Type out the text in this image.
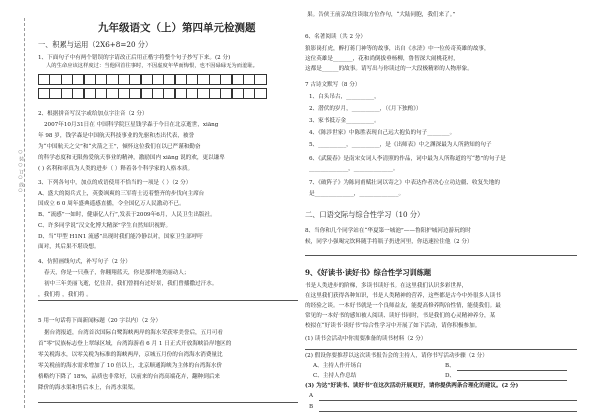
○ 装 ○ 订 ○ 线 ○
九年级语文（上）第四单元检测题
一、积累与运用（2X6+8=20 分）
1、下面句子中有两个错误的字请改正后用正楷字将整个句子抄写下来。(2 分)
人的生命应该这样度过：当他回首往事时，不因虚度年华而悔恨，也不因碌碌无为而羞耻。
2、根据拼音写汉字或给加点字注音（2 分）
2007年10月31日在 中国科学院巨星钱学森于今日在北京逝世，xiāng
年 98 岁，钱学森是中国航天科技事业的先驱和杰出代表，被誉
为“中国航天之父”和“火箭之王”，倾怀这位我们在以已严谨和勤奋
的科学态度和无限热爱航天事业的精神，激励国内 xiāng 说的欢，更以谦卑
( ) 名利和率真为人类的进步（ ）释着各个科学家的人格本质。
3、下列各句中，加点的成语使用不恰当的一项是（ ）（2 分）
A、盛大的阅兵式上，英姿飒爽的三军将士迈着整齐的步伐向主席台
国成立 6 0 周年盛典遥感直播，令全国亿万人民激动不已。
B、“流感”一如时，健康亿人行”,发表于2009年6月，人民卫生出版社。
C、许多同学说“汉文化博大精深”学生自然知识视野。
D、当“甲型 H1N1 流感”出现时我们能冷静以对，国家卫生部呼吁
面对，其后果不堪设想。
4、仿照画线句式，补写句子（2 分）
春天，你是一只燕子，你翱翔蓝天，你是那样地美丽动人；
初中三年美丽飞逝，忆往昔，我们曾拥有过好景，我们曾播撒过汗水。
，我们将 ，我们将 。
5 用一句话将下面新闻标题（20 字以内）（2 分）
据台湾报道，台湾首次国际白鹭海峡两岸的海水荣获零美誉后，五月可看
首“零”民族标志登上翠绿区域，台湾海游看 6 月 1 日正式开放海峡沿岸地区的
零关税海水，以零关税为标准的海峡两岸，京城五月份的台湾海水消费量比
零关税前的海水需求增加了 10 倍以上，北京顺通海峡为主体的台湾海水价
格略约下降了 18%，品质也非常好，以前来的台湾高端花卉，翻种到后来
降价的海水渠和售后本上，台湾水渠渠。
果。告侠王前京故往读取方位作句，“大陆同胞，我们来了。”
6、名著阅读（共 2 分）
狼影岗打虎，醉打蒋门神等的故事，出自《水浒》中一位传奇英雄的故事，
这位英雄是_______，花和尚倒拔垂杨柳，鲁智深大闹桃花村，
这都是______的故事。请写出与你读过的一大段极精彩的人物形象。
7 古诗文默写（8 分）
1、白头吊古，__________，
2、潜伏的岁月，__________，（《月下独酌》）
3、家书抵万金__________。
4、《陈涉世家》中陈胜表现自己远大抱负的句子________。
5、__________，__________，是《出师表》中之渊深最为人所熟知的句子
6、《武陵春》是南宋女词人李清照的作品，词中最为人所称道的写“愁”的句子是
______________，______________。
7、《破阵子》为陈同甫赋壮词以寄之》中表达作者决心立功边疆、收复失地的
是______________，______________。
二、口语交际与综合性学习（10 分）
8、当你和几个同学站在“华夏第一城池”——鲁阳护城河边游玩的时
候，同学小强喝完饮料随手将瓶子扔进河里，你迅速拉住他（2 分）
9、《好读书·读好书》综合性学习训练题
书是人类进步的阶梯，多读书读好书。在这里我们认识多彩世界，
在这里我们获得各种知识，书是人类精神的营养，这些都是古今中外很多人读书
的经验之谈。一本好书就是一个良师益友，能提高修养陶冶性情，能使我们。最
常见的一本好书的感知被人阅读、读好书同时，书是我们的心灵精神养分，某
校拟在“好读书·读好书”综合性学习中开展了如下活动，请你积极参加。
(1) 读书会活动中你需要准备的读书材料（2 分）
(2) 假设你要推荐以这次读书报告会的主持人，请你书写活动步骤（2 分）
A、主持人作开场白	B、
C、主持人作总结	D、
(3) 为达“好读书、读好书”在这次活动开展更好，请你提供两条合理化的建议。(2 分)
A
B
